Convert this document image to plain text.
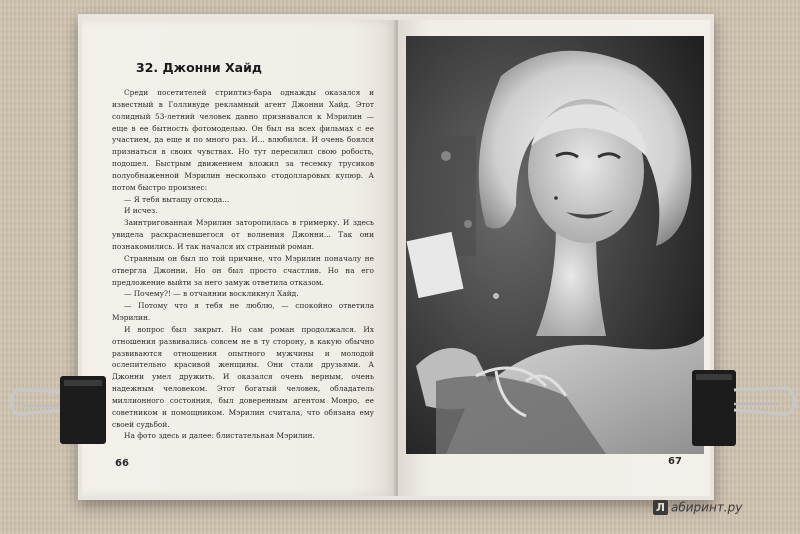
32. Джонни Хайд

Среди посетителей стриптиз-бара однажды оказался и известный в Голливуде рекламный агент Джонни Хайд. Этот солидный 53-летний человек давно признавался к Мэрилин — еще в ее бытность фотомоделью. Он был на всех фильмах с ее участием, да еще и по много раз. И... влюбился. И очень боялся признаться в своих чувствах. Но тут пересилил свою робость, подошел. Быстрым движением вложил за тесемку трусиков полуобнаженной Мэрилин несколько стодолларовых купюр. А потом быстро произнес:

— Я тебя вытащу отсюда...

И исчез.

Заинтригованная Мэрилин заторопилась в гримерку. И здесь увидела раскрасневшегося от волнения Джонни... Так они познакомились. И так начался их странный роман.

Странным он был по той причине, что Мэрилин поначалу не отвергла Джонни. Но он был просто счастлив. Но на его предложение выйти за него замуж ответила отказом.

— Почему?! — в отчаянии воскликнул Хайд.

— Потому что я тебя не люблю, — спокойно ответила Мэрилин.

И вопрос был закрыт. Но сам роман продолжался. Их отношения развивались совсем не в ту сторону, в какую обычно развиваются отношения опытного мужчины и молодой ослепительно красивой женщины. Они стали друзьями. А Джонни умел дружить. И оказался очень верным, очень надежным человеком. Этот богатый человек, обладатель миллионного состояния, был доверенным агентом Монро, ее советником и помощником. Мэрилин считала, что обязана ему своей судьбой.

На фото здесь и далее: блистательная Мэрилин.

66	67
Л абиринт.ру
